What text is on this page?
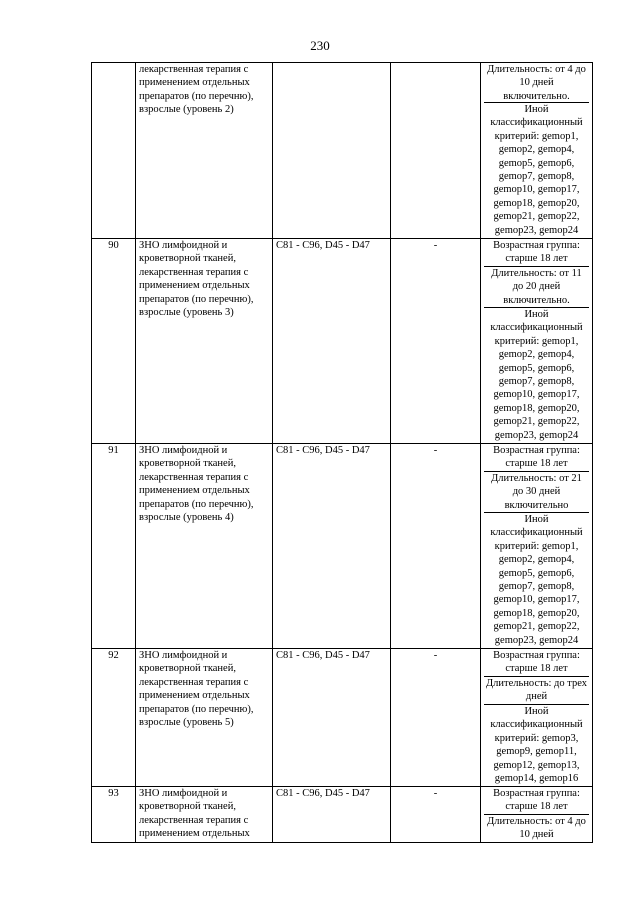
230
	лекарственная терапия с применением отдельных препаратов (по перечню), взрослые (уровень 2)			Длительность: от 4 до 10 дней включительно.
Иной классификационный критерий: gemop1, gemop2, gemop4, gemop5, gemop6, gemop7, gemop8, gemop10, gemop17, gemop18, gemop20, gemop21, gemop22, gemop23, gemop24

90	ЗНО лимфоидной и кроветворной тканей, лекарственная терапия с применением отдельных препаратов (по перечню), взрослые (уровень 3)	C81 - C96, D45 - D47	-	Возрастная группа: старше 18 лет
Длительность: от 11 до 20 дней включительно.
Иной классификационный критерий: gemop1, gemop2, gemop4, gemop5, gemop6, gemop7, gemop8, gemop10, gemop17, gemop18, gemop20, gemop21, gemop22, gemop23, gemop24

91	ЗНО лимфоидной и кроветворной тканей, лекарственная терапия с применением отдельных препаратов (по перечню), взрослые (уровень 4)	C81 - C96, D45 - D47	-	Возрастная группа: старше 18 лет
Длительность: от 21 до 30 дней включительно
Иной классификационный критерий: gemop1, gemop2, gemop4, gemop5, gemop6, gemop7, gemop8, gemop10, gemop17, gemop18, gemop20, gemop21, gemop22, gemop23, gemop24

92	ЗНО лимфоидной и кроветворной тканей, лекарственная терапия с применением отдельных препаратов (по перечню), взрослые (уровень 5)	C81 - C96, D45 - D47	-	Возрастная группа: старше 18 лет
Длительность: до трех дней
Иной классификационный критерий: gemop3, gemop9, gemop11, gemop12, gemop13, gemop14, gemop16

93	ЗНО лимфоидной и кроветворной тканей, лекарственная терапия с применением отдельных	C81 - C96, D45 - D47	-	Возрастная группа: старше 18 лет
Длительность: от 4 до 10 дней
